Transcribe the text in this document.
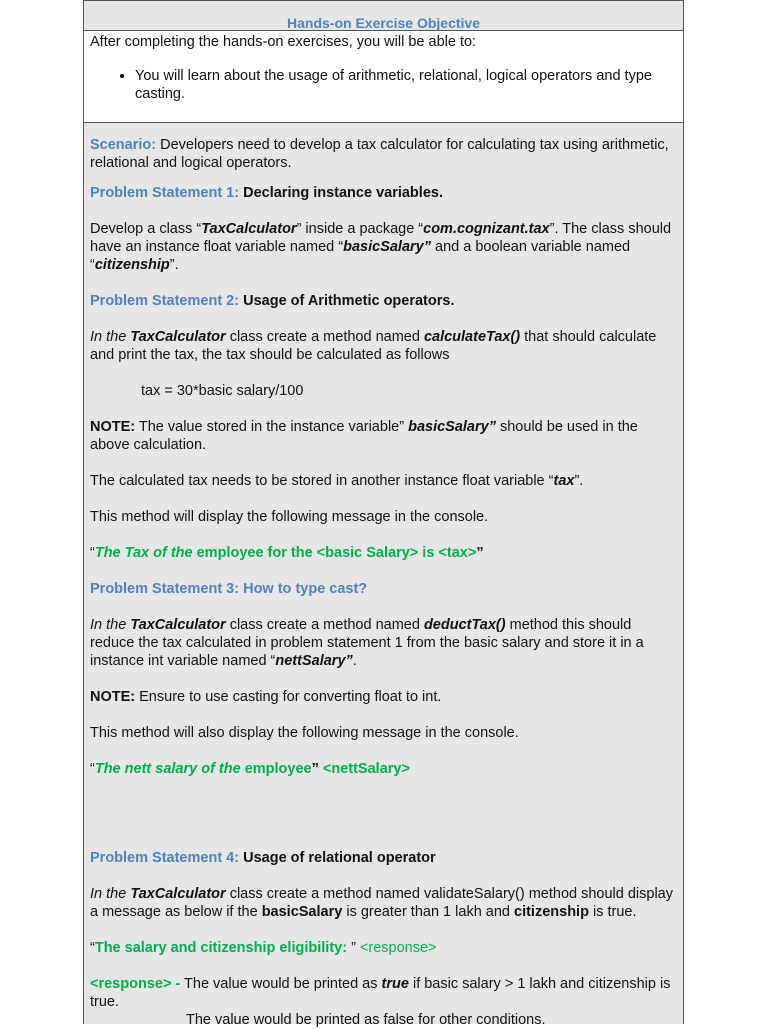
Hands-on Exercise Objective

After completing the hands-on exercises, you will be able to:

• You will learn about the usage of arithmetic, relational, logical operators and type casting.

Scenario: Developers need to develop a tax calculator for calculating tax using arithmetic, relational and logical operators.

Problem Statement 1: Declaring instance variables.

Develop a class “TaxCalculator” inside a package “com.cognizant.tax”. The class should have an instance float variable named “basicSalary” and a boolean variable named “citizenship”.

Problem Statement 2: Usage of Arithmetic operators.

In the TaxCalculator class create a method named calculateTax() that should calculate and print the tax, the tax should be calculated as follows

tax = 30*basic salary/100

NOTE: The value stored in the instance variable” basicSalary” should be used in the above calculation.

The calculated tax needs to be stored in another instance float variable “tax”.

This method will display the following message in the console.

“The Tax of the employee for the <basic Salary> is <tax>”

Problem Statement 3: How to type cast?

In the TaxCalculator class create a method named deductTax() method this should reduce the tax calculated in problem statement 1 from the basic salary and store it in a instance int variable named “nettSalary”.

NOTE: Ensure to use casting for converting float to int.

This method will also display the following message in the console.

“The nett salary of the employee” <nettSalary>

Problem Statement 4: Usage of relational operator

In the TaxCalculator class create a method named validateSalary() method should display a message as below if the basicSalary is greater than 1 lakh and citizenship is true.

“The salary and citizenship eligibility: ” <response>

<response> - The value would be printed as true if basic salary > 1 lakh and citizenship is true.

The value would be printed as false for other conditions.
